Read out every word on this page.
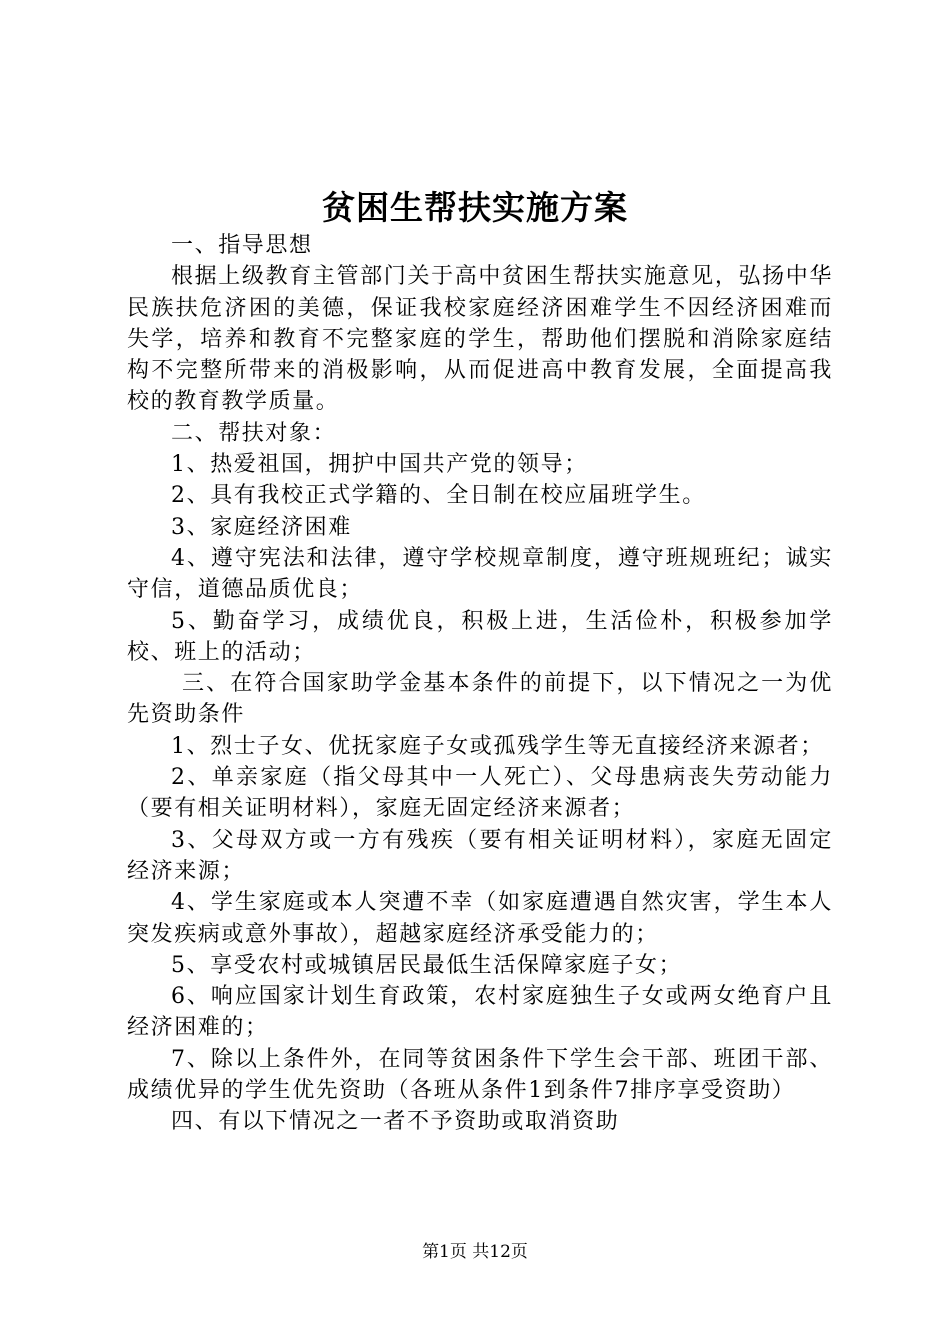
贫困生帮扶实施方案

一、指导思想

根据上级教育主管部门关于高中贫困生帮扶实施意见，弘扬中华民族扶危济困的美德，保证我校家庭经济困难学生不因经济困难而失学，培养和教育不完整家庭的学生，帮助他们摆脱和消除家庭结构不完整所带来的消极影响，从而促进高中教育发展，全面提高我校的教育教学质量。

二、帮扶对象：

1、热爱祖国，拥护中国共产党的领导；

2、具有我校正式学籍的、全日制在校应届班学生。

3、家庭经济困难

4、遵守宪法和法律，遵守学校规章制度，遵守班规班纪；诚实守信，道德品质优良；

5、勤奋学习，成绩优良，积极上进，生活俭朴，积极参加学校、班上的活动；

三、在符合国家助学金基本条件的前提下，以下情况之一为优先资助条件

1、烈士子女、优抚家庭子女或孤残学生等无直接经济来源者；

2、单亲家庭（指父母其中一人死亡）、父母患病丧失劳动能力（要有相关证明材料），家庭无固定经济来源者；

3、父母双方或一方有残疾（要有相关证明材料），家庭无固定经济来源；

4、学生家庭或本人突遭不幸（如家庭遭遇自然灾害，学生本人突发疾病或意外事故），超越家庭经济承受能力的；

5、享受农村或城镇居民最低生活保障家庭子女；

6、响应国家计划生育政策，农村家庭独生子女或两女绝育户且经济困难的；

7、除以上条件外，在同等贫困条件下学生会干部、班团干部、成绩优异的学生优先资助（各班从条件1到条件7排序享受资助）

四、有以下情况之一者不予资助或取消资助

第1页 共12页
